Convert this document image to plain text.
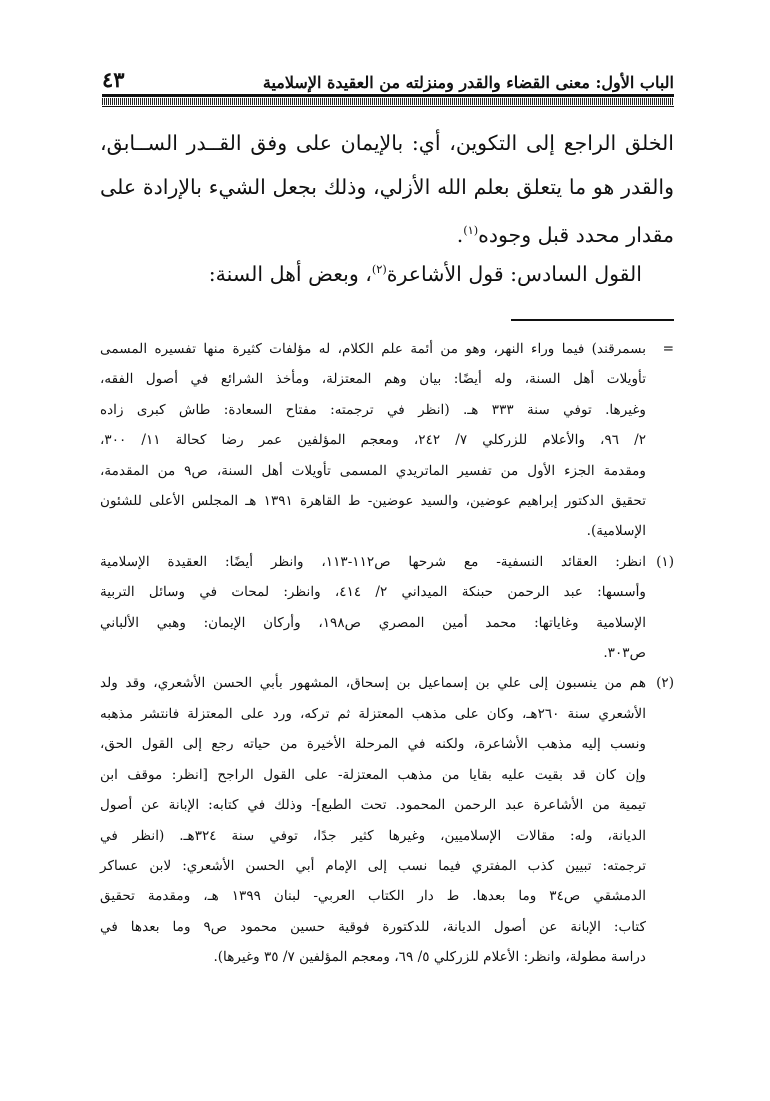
الباب الأول: معنى القضاء والقدر ومنزلته من العقيدة الإسلامية
٤٣

الخلق الراجع إلى التكوين، أي: بالإيمان على وفق القــدر الســابق،
والقدر هو ما يتعلق بعلم الله الأزلي، وذلك بجعل الشيء بالإرادة على
مقدار محدد قبل وجوده$^{(١)}$.

القول السادس: قول الأشاعرة$^{(٢)}$، وبعض أهل السنة:
=
بسمرقند) فيما وراء النهر، وهو من أئمة علم الكلام، له مؤلفات كثيرة منها تفسيره المسمى
تأويلات أهل السنة، وله أيضًا: بيان وهم المعتزلة، ومأخذ الشرائع في أصول الفقه،
وغيرها. توفي سنة ٣٣٣ هـ. (انظر في ترجمته: مفتاح السعادة: طاش كبرى زاده
٢/ ٩٦، والأعلام للزركلي ٧/ ٢٤٢، ومعجم المؤلفين عمر رضا كحالة ١١/ ٣٠٠،
ومقدمة الجزء الأول من تفسير الماتريدي المسمى تأويلات أهل السنة، ص٩ من المقدمة،
تحقيق الدكتور إبراهيم عوضين، والسيد عوضين- ط القاهرة ١٣٩١ هـ المجلس الأعلى للشئون
الإسلامية).
(١)
انظر: العقائد النسفية- مع شرحها ص١١٢-١١٣، وانظر أيضًا: العقيدة الإسلامية
وأسسها: عبد الرحمن حبنكة الميداني ٢/ ٤١٤، وانظر: لمحات في وسائل التربية
الإسلامية وغاياتها: محمد أمين المصري ص١٩٨، وأركان الإيمان: وهبي الألباني
ص٣٠٣.
(٢)
هم من ينسبون إلى علي بن إسماعيل بن إسحاق، المشهور بأبي الحسن الأشعري، وقد ولد
الأشعري سنة ٢٦٠هـ، وكان على مذهب المعتزلة ثم تركه، ورد على المعتزلة فانتشر مذهبه
ونسب إليه مذهب الأشاعرة، ولكنه في المرحلة الأخيرة من حياته رجع إلى القول الحق،
وإن كان قد بقيت عليه بقايا من مذهب المعتزلة- على القول الراجح [انظر: موقف ابن
تيمية من الأشاعرة عبد الرحمن المحمود. تحت الطبع]- وذلك في كتابه: الإبانة عن أصول
الديانة، وله: مقالات الإسلاميين، وغيرها كثير جدًا، توفي سنة ٣٢٤هـ. (انظر في
ترجمته: تبيين كذب المفتري فيما نسب إلى الإمام أبي الحسن الأشعري: لابن عساكر
الدمشقي ص٣٤ وما بعدها. ط دار الكتاب العربي- لبنان ١٣٩٩ هـ، ومقدمة تحقيق
كتاب: الإبانة عن أصول الديانة، للدكتورة فوقية حسين محمود ص٩ وما بعدها في
دراسة مطولة، وانظر: الأعلام للزركلي ٥/ ٦٩، ومعجم المؤلفين ٧/ ٣٥ وغيرها).
